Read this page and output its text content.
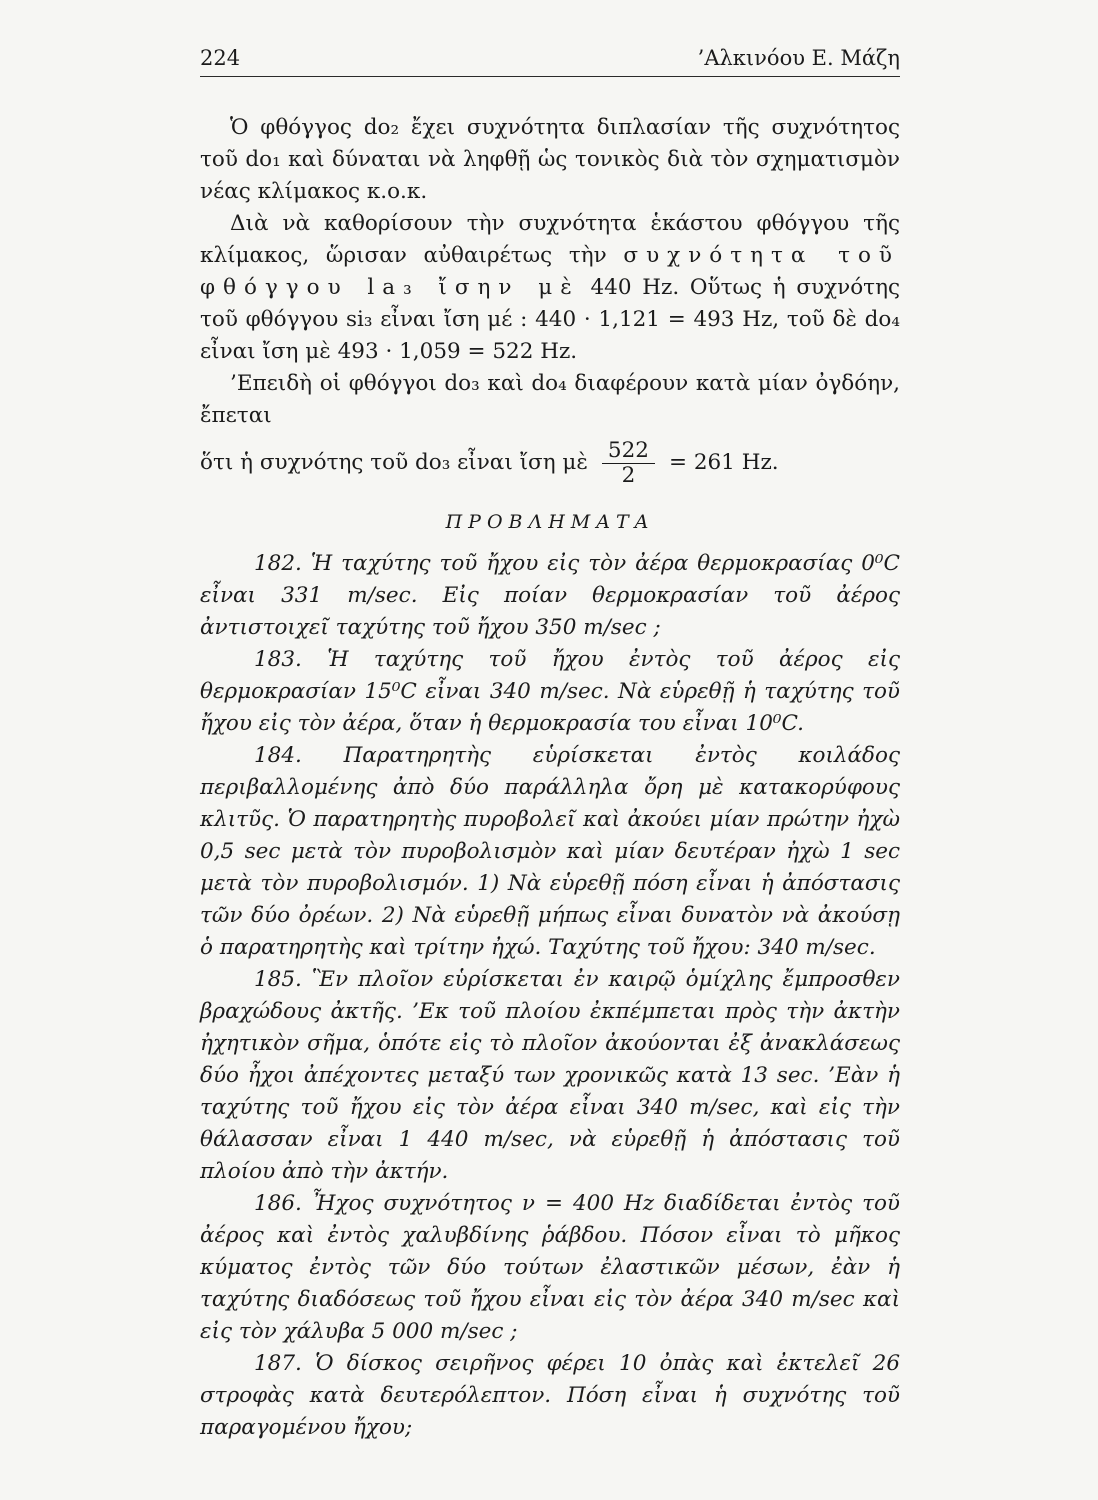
224	’Αλκινόου Ε. Μάζη

Ὁ φθόγγος do₂ ἔχει συχνότητα διπλασίαν τῆς συχνότητος τοῦ do₁ καὶ δύναται νὰ ληφθῇ ὡς τονικὸς διὰ τὸν σχηματισμὸν νέας κλίμακος κ.ο.κ.

Διὰ νὰ καθορίσουν τὴν συχνότητα ἑκάστου φθόγγου τῆς κλίμακος, ὥρισαν αὐθαιρέτως τὴν συχνότητα τοῦ φθόγγου la₃ ἴσην μὲ 440 Hz. Οὕτως ἡ συχνότης τοῦ φθόγγου si₃ εἶναι ἴση μέ : 440 · 1,121 = 493 Hz, τοῦ δὲ do₄ εἶναι ἴση μὲ 493 · 1,059 = 522 Hz.

’Επειδὴ οἱ φθόγγοι do₃ καὶ do₄ διαφέρουν κατὰ μίαν ὀγδόην, ἔπεται

ὅτι ἡ συχνότης τοῦ do₃ εἶναι ἴση μὲ $\frac{522}{2} = 261$ Hz.
ΠΡΟΒΛΗΜΑΤΑ

182. Ἡ ταχύτης τοῦ ἤχου εἰς τὸν ἀέρα θερμοκρασίας 0⁰C εἶναι 331 m/sec. Εἰς ποίαν θερμοκρασίαν τοῦ ἀέρος ἀντιστοιχεῖ ταχύτης τοῦ ἤχου 350 m/sec ;

183. Ἡ ταχύτης τοῦ ἤχου ἐντὸς τοῦ ἀέρος εἰς θερμοκρασίαν 15⁰C εἶναι 340 m/sec. Νὰ εὑρεθῇ ἡ ταχύτης τοῦ ἤχου εἰς τὸν ἀέρα, ὅταν ἡ θερμοκρασία του εἶναι 10⁰C.

184. Παρατηρητὴς εὑρίσκεται ἐντὸς κοιλάδος περιβαλλομένης ἀπὸ δύο παράλληλα ὄρη μὲ κατακορύφους κλιτῦς. Ὁ παρατηρητὴς πυροβολεῖ καὶ ἀκούει μίαν πρώτην ἠχὼ 0,5 sec μετὰ τὸν πυροβολισμὸν καὶ μίαν δευτέραν ἠχὼ 1 sec μετὰ τὸν πυροβολισμόν. 1) Νὰ εὑρεθῇ πόση εἶναι ἡ ἀπόστασις τῶν δύο ὀρέων. 2) Νὰ εὑρεθῇ μήπως εἶναι δυνατὸν νὰ ἀκούσῃ ὁ παρατηρητὴς καὶ τρίτην ἠχώ. Ταχύτης τοῦ ἤχου: 340 m/sec.

185. Ἓν πλοῖον εὑρίσκεται ἐν καιρῷ ὁμίχλης ἔμπροσθεν βραχώδους ἀκτῆς. ’Εκ τοῦ πλοίου ἐκπέμπεται πρὸς τὴν ἀκτὴν ἠχητικὸν σῆμα, ὁπότε εἰς τὸ πλοῖον ἀκούονται ἐξ ἀνακλάσεως δύο ἦχοι ἀπέχοντες μεταξύ των χρονικῶς κατὰ 13 sec. ’Εὰν ἡ ταχύτης τοῦ ἤχου εἰς τὸν ἀέρα εἶναι 340 m/sec, καὶ εἰς τὴν θάλασσαν εἶναι 1 440 m/sec, νὰ εὑρεθῇ ἡ ἀπόστασις τοῦ πλοίου ἀπὸ τὴν ἀκτήν.

186. Ἦχος συχνότητος ν = 400 Hz διαδίδεται ἐντὸς τοῦ ἀέρος καὶ ἐντὸς χαλυβδίνης ῥάβδου. Πόσον εἶναι τὸ μῆκος κύματος ἐντὸς τῶν δύο τούτων ἐλαστικῶν μέσων, ἐὰν ἡ ταχύτης διαδόσεως τοῦ ἤχου εἶναι εἰς τὸν ἀέρα 340 m/sec καὶ εἰς τὸν χάλυβα 5 000 m/sec ;

187. Ὁ δίσκος σειρῆνος φέρει 10 ὀπὰς καὶ ἐκτελεῖ 26 στροφὰς κατὰ δευτερόλεπτον. Πόση εἶναι ἡ συχνότης τοῦ παραγομένου ἤχου;
